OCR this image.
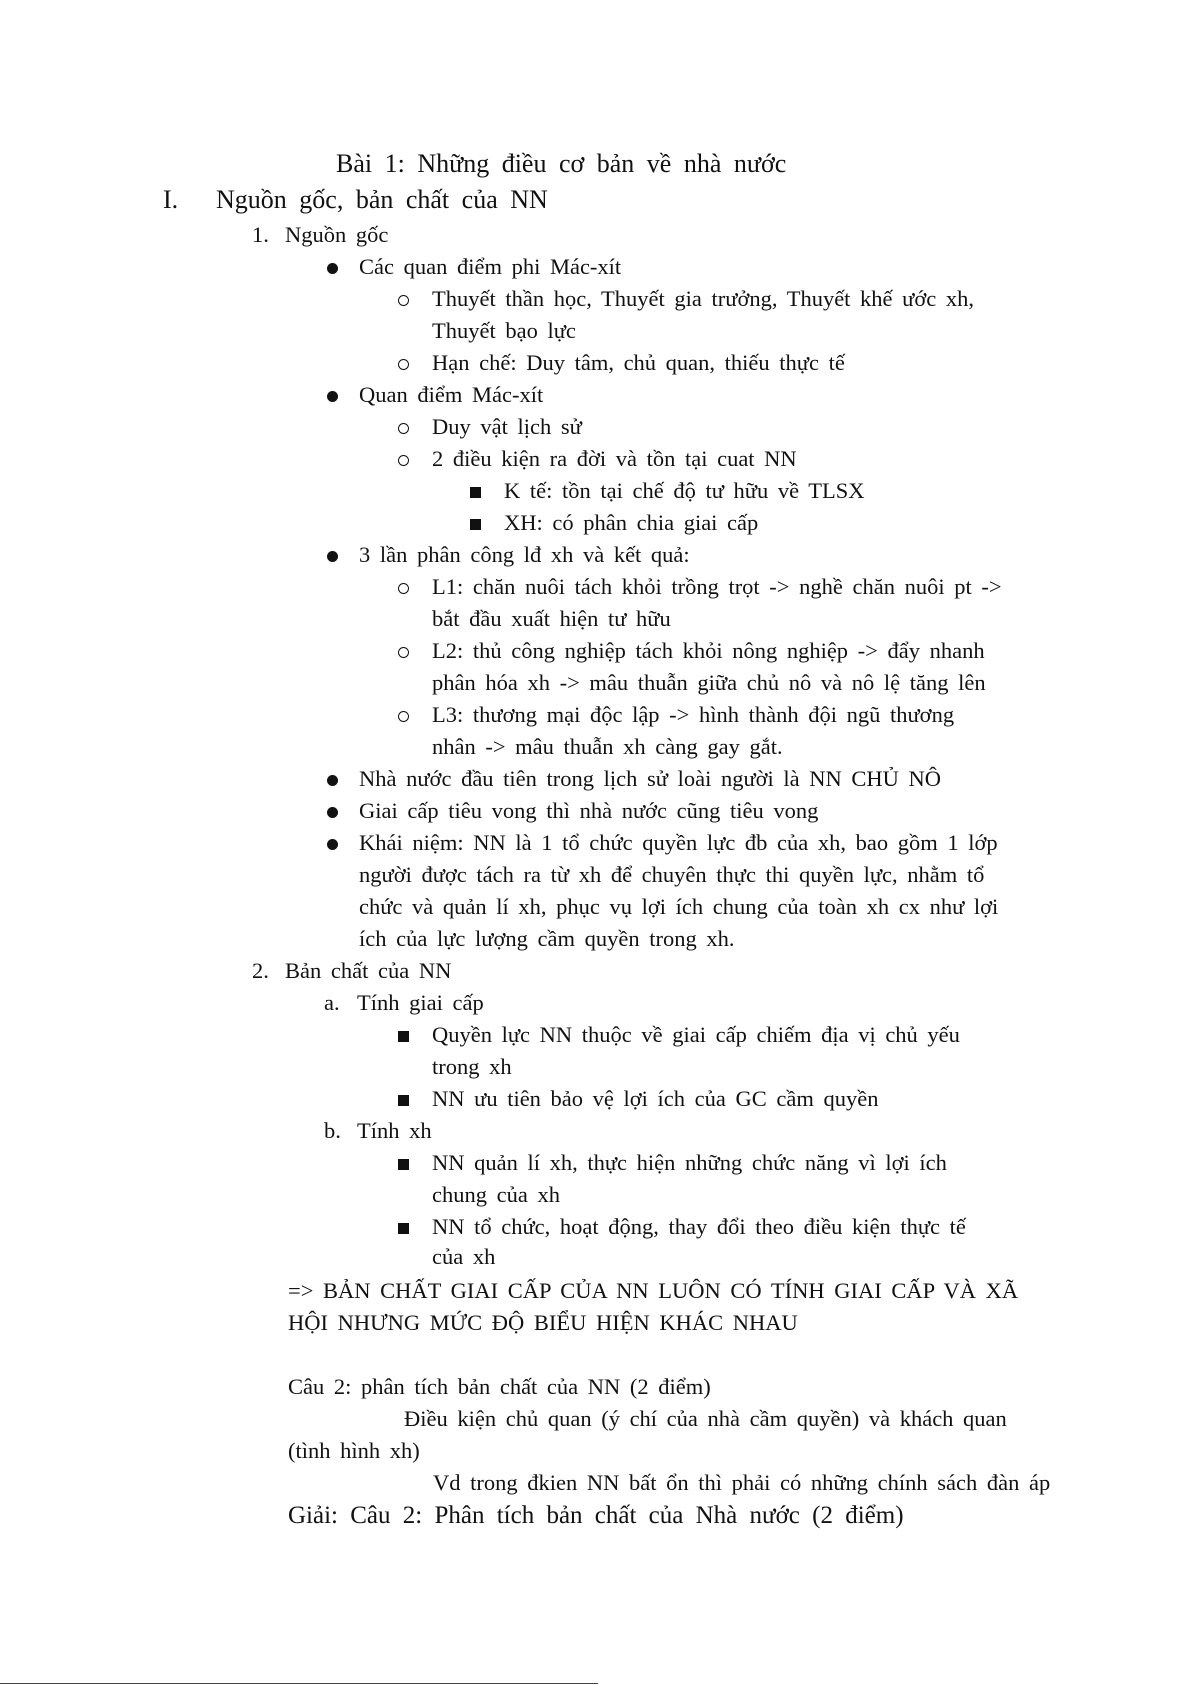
Bài 1: Những điều cơ bản về nhà nước
I. Nguồn gốc, bản chất của NN
1. Nguồn gốc
Các quan điểm phi Mác-xít
Thuyết thần học, Thuyết gia trưởng, Thuyết khế ước xh,
Thuyết bạo lực
Hạn chế: Duy tâm, chủ quan, thiếu thực tế
Quan điểm Mác-xít
Duy vật lịch sử
2 điều kiện ra đời và tồn tại cuat NN
K tế: tồn tại chế độ tư hữu về TLSX
XH: có phân chia giai cấp
3 lần phân công lđ xh và kết quả:
L1: chăn nuôi tách khỏi trồng trọt -> nghề chăn nuôi pt ->
bắt đầu xuất hiện tư hữu
L2: thủ công nghiệp tách khỏi nông nghiệp -> đẩy nhanh
phân hóa xh -> mâu thuẫn giữa chủ nô và nô lệ tăng lên
L3: thương mại độc lập -> hình thành đội ngũ thương
nhân -> mâu thuẫn xh càng gay gắt.
Nhà nước đầu tiên trong lịch sử loài người là NN CHỦ NÔ
Giai cấp tiêu vong thì nhà nước cũng tiêu vong
Khái niệm: NN là 1 tổ chức quyền lực đb của xh, bao gồm 1 lớp
người được tách ra từ xh để chuyên thực thi quyền lực, nhằm tổ
chức và quản lí xh, phục vụ lợi ích chung của toàn xh cx như lợi
ích của lực lượng cầm quyền trong xh.
2. Bản chất của NN
a. Tính giai cấp
Quyền lực NN thuộc về giai cấp chiếm địa vị chủ yếu
trong xh
NN ưu tiên bảo vệ lợi ích của GC cầm quyền
b. Tính xh
NN quản lí xh, thực hiện những chức năng vì lợi ích
chung của xh
NN tổ chức, hoạt động, thay đổi theo điều kiện thực tế
của xh
=> BẢN CHẤT GIAI CẤP CỦA NN LUÔN CÓ TÍNH GIAI CẤP VÀ XÃ
HỘI NHƯNG MỨC ĐỘ BIỂU HIỆN KHÁC NHAU
Câu 2: phân tích bản chất của NN (2 điểm)
Điều kiện chủ quan (ý chí của nhà cầm quyền) và khách quan
(tình hình xh)
Vd trong đkien NN bất ổn thì phải có những chính sách đàn áp
Giải: Câu 2: Phân tích bản chất của Nhà nước (2 điểm)
